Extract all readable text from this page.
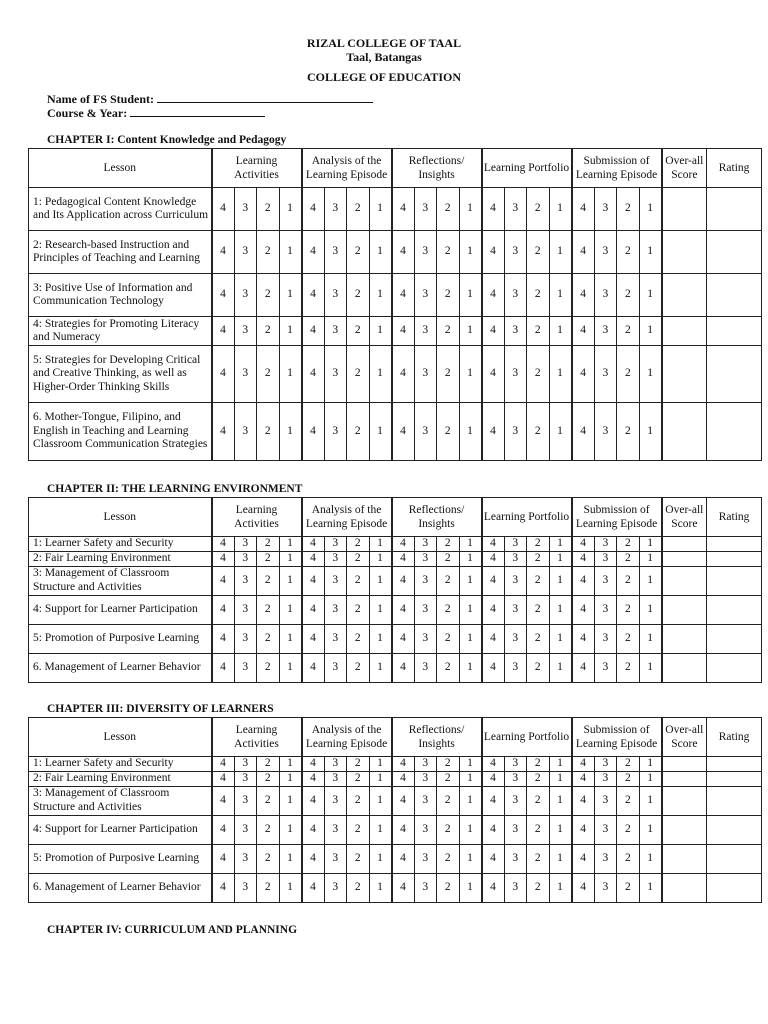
RIZAL COLLEGE OF TAAL
Taal, Batangas
COLLEGE OF EDUCATION
Name of FS Student:
Course & Year:
CHAPTER I: Content Knowledge and Pedagogy
Lesson	Learning Activities				Analysis of the Learning Episode				Reflections/ Insights				Learning Portfolio				Submission of Learning Episode				Over-all Score	Rating
1: Pedagogical Content Knowledge and Its Application across Curriculum	4	3	2	1	4	3	2	1	4	3	2	1	4	3	2	1	4	3	2	1		
2: Research-based Instruction and Principles of Teaching and Learning	4	3	2	1	4	3	2	1	4	3	2	1	4	3	2	1	4	3	2	1		
3: Positive Use of Information and Communication Technology	4	3	2	1	4	3	2	1	4	3	2	1	4	3	2	1	4	3	2	1		
4: Strategies for Promoting Literacy and Numeracy	4	3	2	1	4	3	2	1	4	3	2	1	4	3	2	1	4	3	2	1		
5: Strategies for Developing Critical and Creative Thinking, as well as Higher-Order Thinking Skills	4	3	2	1	4	3	2	1	4	3	2	1	4	3	2	1	4	3	2	1		
6. Mother-Tongue, Filipino, and English in Teaching and Learning Classroom Communication Strategies	4	3	2	1	4	3	2	1	4	3	2	1	4	3	2	1	4	3	2	1		
CHAPTER II: THE LEARNING ENVIRONMENT
Lesson	Learning Activities				Analysis of the Learning Episode				Reflections/ Insights				Learning Portfolio				Submission of Learning Episode				Over-all Score	Rating
1: Learner Safety and Security	4	3	2	1	4	3	2	1	4	3	2	1	4	3	2	1	4	3	2	1		
2: Fair Learning Environment	4	3	2	1	4	3	2	1	4	3	2	1	4	3	2	1	4	3	2	1		
3: Management of Classroom Structure and Activities	4	3	2	1	4	3	2	1	4	3	2	1	4	3	2	1	4	3	2	1		
4: Support for Learner Participation	4	3	2	1	4	3	2	1	4	3	2	1	4	3	2	1	4	3	2	1		
5: Promotion of Purposive Learning	4	3	2	1	4	3	2	1	4	3	2	1	4	3	2	1	4	3	2	1		
6. Management of Learner Behavior	4	3	2	1	4	3	2	1	4	3	2	1	4	3	2	1	4	3	2	1		
CHAPTER III: DIVERSITY OF LEARNERS
Lesson	Learning Activities				Analysis of the Learning Episode				Reflections/ Insights				Learning Portfolio				Submission of Learning Episode				Over-all Score	Rating
1: Learner Safety and Security	4	3	2	1	4	3	2	1	4	3	2	1	4	3	2	1	4	3	2	1		
2: Fair Learning Environment	4	3	2	1	4	3	2	1	4	3	2	1	4	3	2	1	4	3	2	1		
3: Management of Classroom Structure and Activities	4	3	2	1	4	3	2	1	4	3	2	1	4	3	2	1	4	3	2	1		
4: Support for Learner Participation	4	3	2	1	4	3	2	1	4	3	2	1	4	3	2	1	4	3	2	1		
5: Promotion of Purposive Learning	4	3	2	1	4	3	2	1	4	3	2	1	4	3	2	1	4	3	2	1		
6. Management of Learner Behavior	4	3	2	1	4	3	2	1	4	3	2	1	4	3	2	1	4	3	2	1		
CHAPTER IV: CURRICULUM AND PLANNING
